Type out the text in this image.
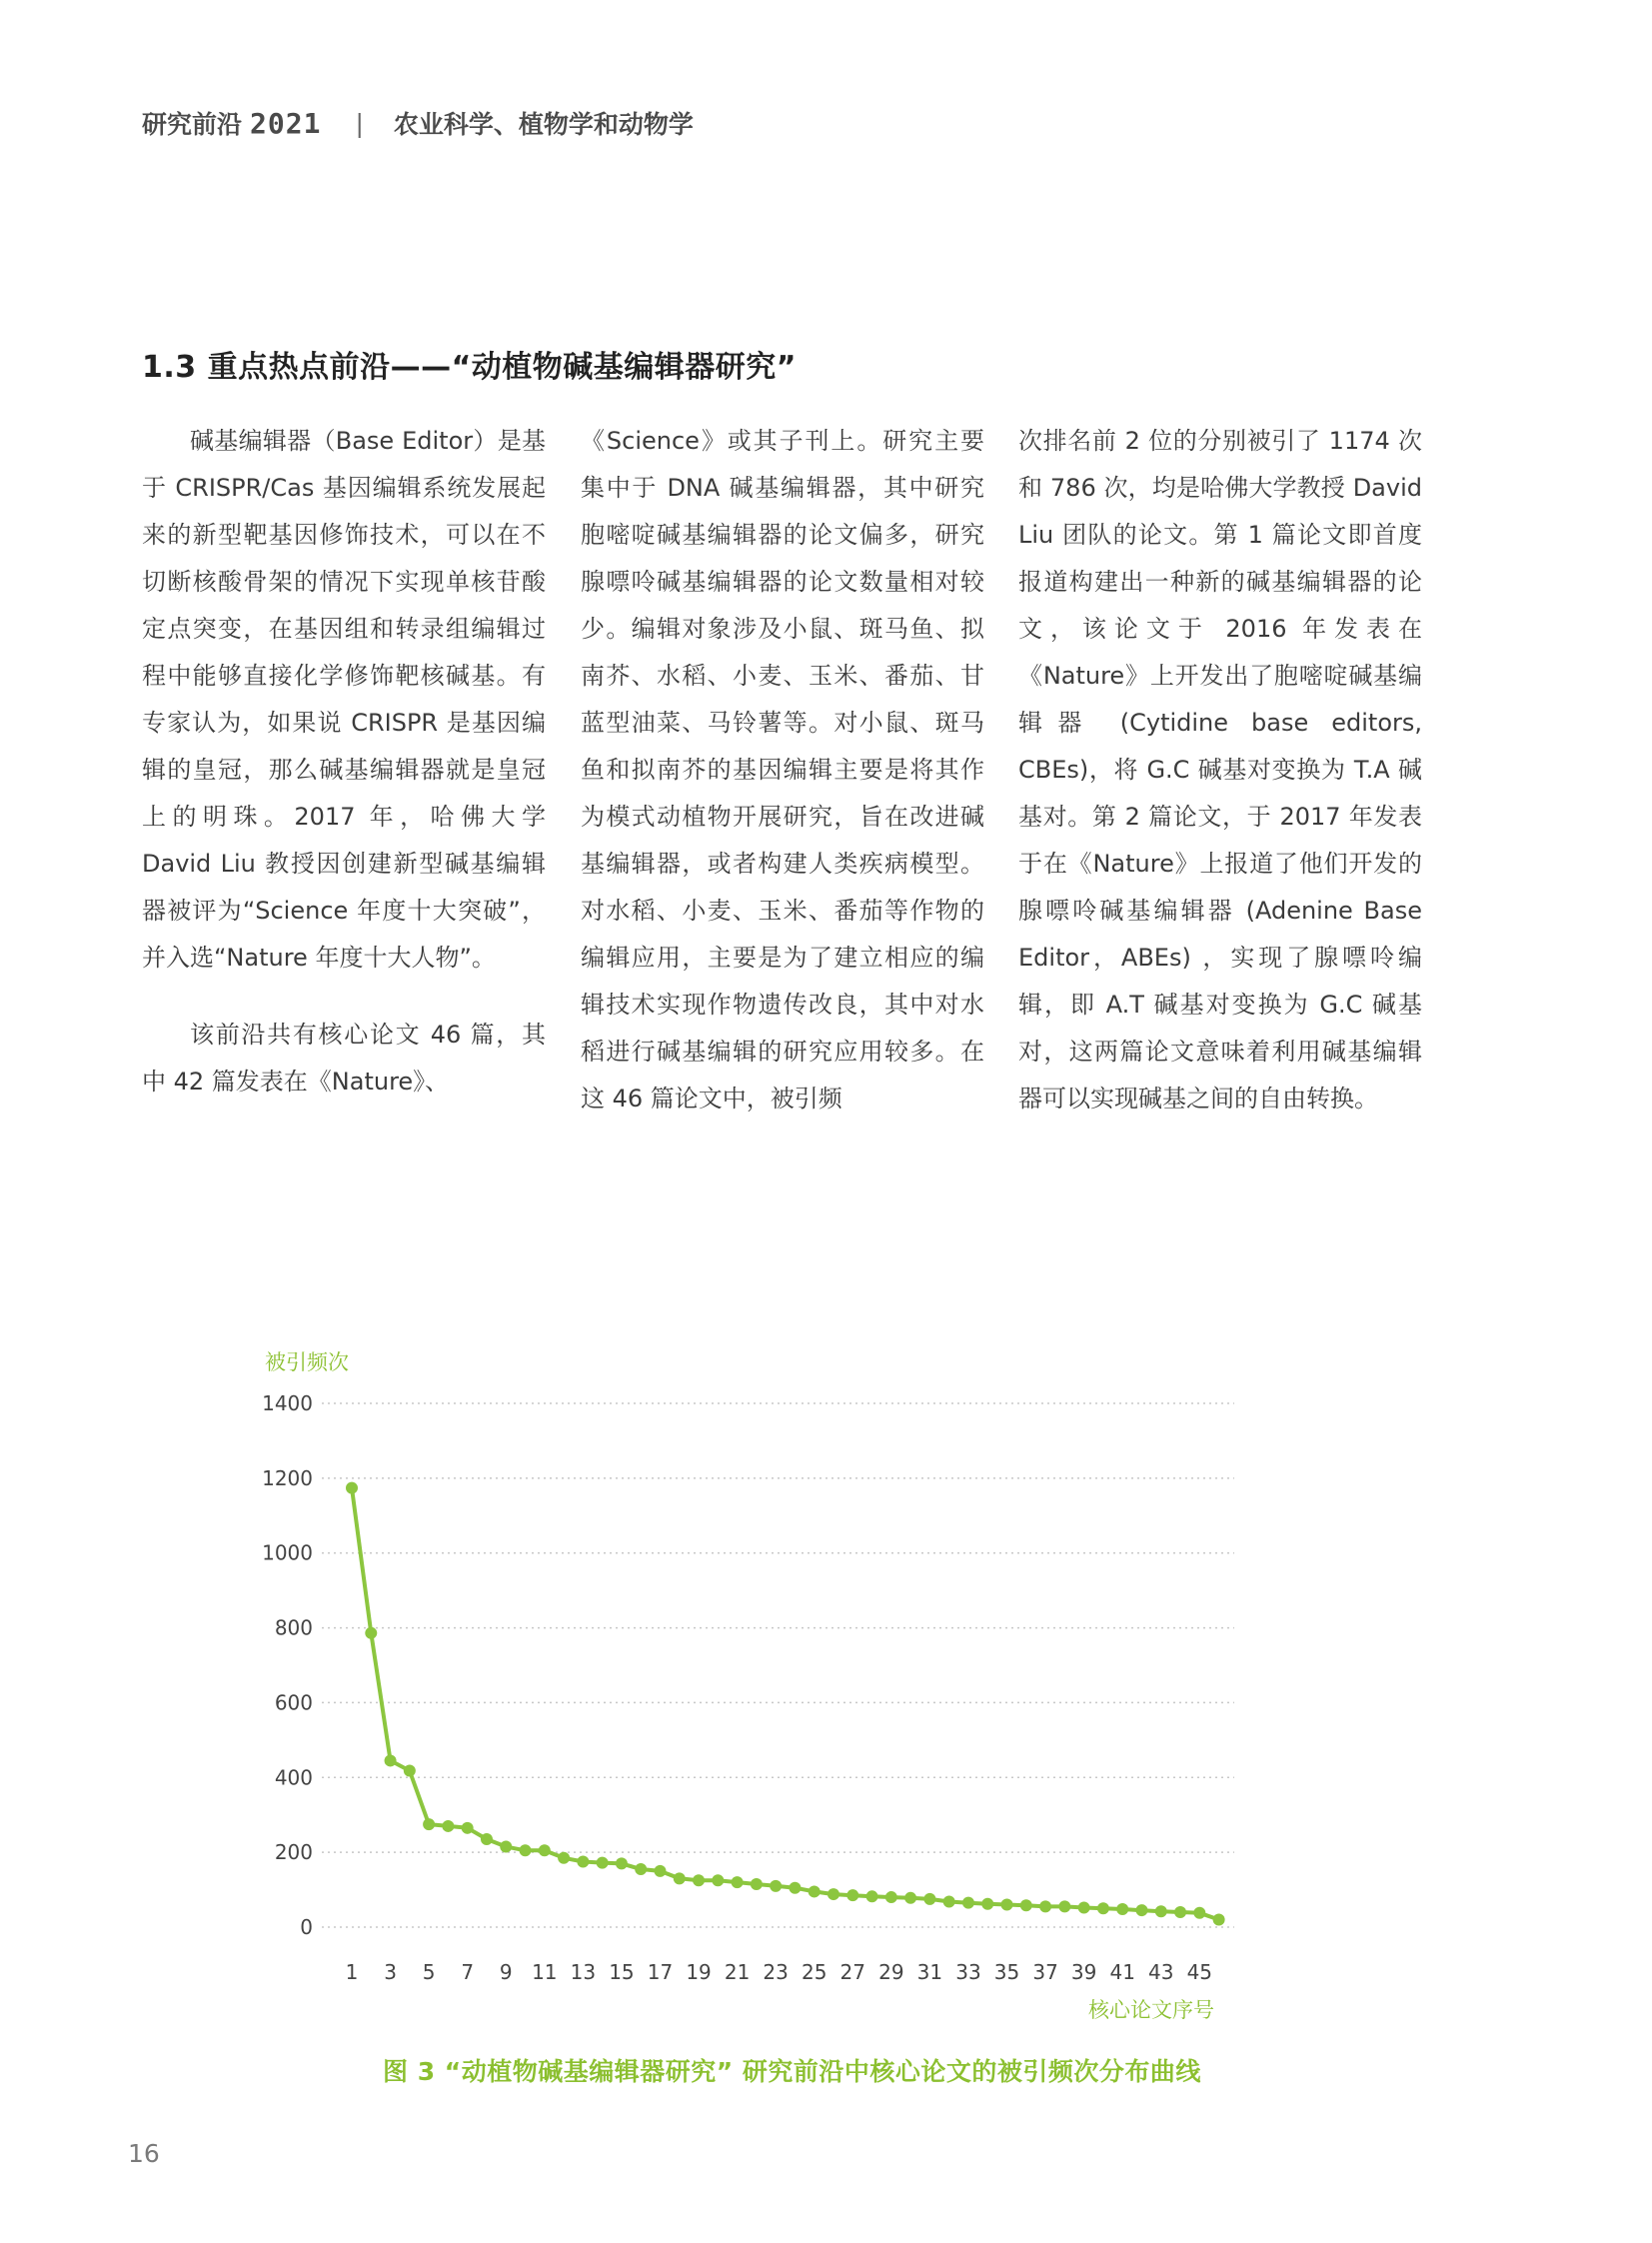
研究前沿 2021 | 农业科学、植物学和动物学
1.3 重点热点前沿——“动植物碱基编辑器研究”

碱基编辑器（Base Editor）是基于 CRISPR/Cas 基因编辑系统发展起来的新型靶基因修饰技术，可以在不切断核酸骨架的情况下实现单核苷酸定点突变，在基因组和转录组编辑过程中能够直接化学修饰靶核碱基。有专家认为，如果说 CRISPR 是基因编辑的皇冠，那么碱基编辑器就是皇冠上的明珠。2017 年，哈佛大学 David Liu 教授因创建新型碱基编辑器被评为“Science 年度十大突破”，并入选“Nature 年度十大人物”。

该前沿共有核心论文 46 篇，其中 42 篇发表在《Nature》、

《Science》或其子刊上。研究主要集中于 DNA 碱基编辑器，其中研究胞嘧啶碱基编辑器的论文偏多，研究腺嘌呤碱基编辑器的论文数量相对较少。编辑对象涉及小鼠、斑马鱼、拟南芥、水稻、小麦、玉米、番茄、甘蓝型油菜、马铃薯等。对小鼠、斑马鱼和拟南芥的基因编辑主要是将其作为模式动植物开展研究，旨在改进碱基编辑器，或者构建人类疾病模型。对水稻、小麦、玉米、番茄等作物的编辑应用，主要是为了建立相应的编辑技术实现作物遗传改良，其中对水稻进行碱基编辑的研究应用较多。在这 46 篇论文中，被引频

次排名前 2 位的分别被引了 1174 次和 786 次，均是哈佛大学教授 David Liu 团队的论文。第 1 篇论文即首度报道构建出一种新的碱基编辑器的论文，该论文于 2016 年发表在《Nature》上开发出了胞嘧啶碱基编辑器 (Cytidine base editors, CBEs)，将 G.C 碱基对变换为 T.A 碱基对。第 2 篇论文，于 2017 年发表于在《Nature》上报道了他们开发的腺嘌呤碱基编辑器 (Adenine Base Editor，ABEs) ，实现了腺嘌呤编辑，即 A.T 碱基对变换为 G.C 碱基对，这两篇论文意味着利用碱基编辑器可以实现碱基之间的自由转换。

被引频次
核心论文序号
0
200
400
600
800
1000
1200
1400
1 3 5 7 9 11 13 15 17 19 21 23 25 27 29 31 33 35 37 39 41 43 45

图 3 “动植物碱基编辑器研究” 研究前沿中核心论文的被引频次分布曲线

16
